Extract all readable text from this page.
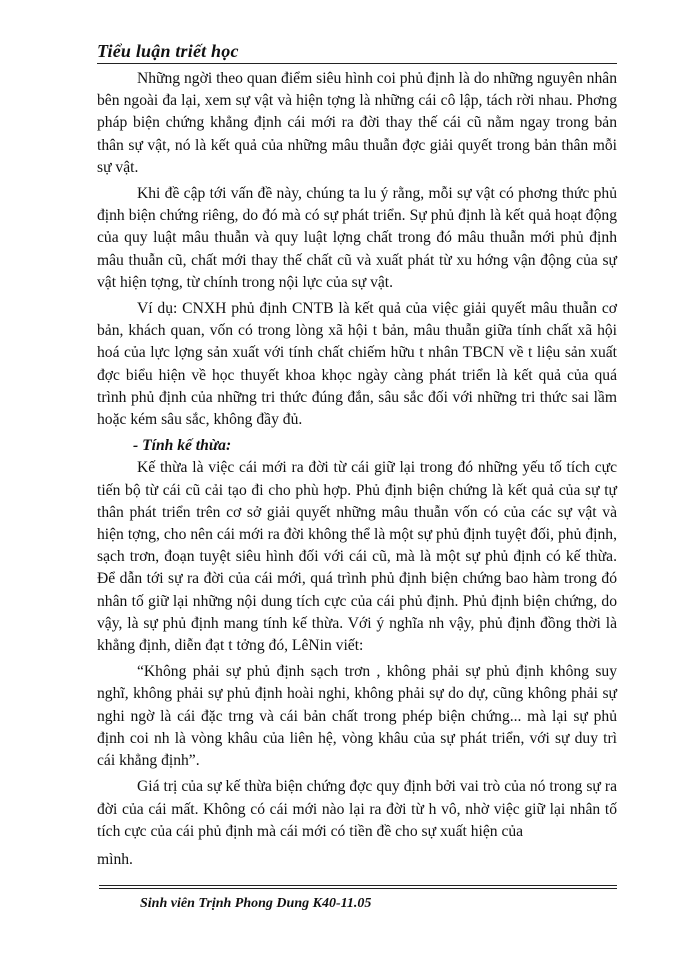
Tiểu luận triết học

Những ngời theo quan điểm siêu hình coi phủ định là do những nguyên nhân bên ngoài đa lại, xem sự vật và hiện tợng là những cái cô lập, tách rời nhau. Phơng pháp biện chứng khẳng định cái mới ra đời thay thế cái cũ nằm ngay trong bản thân sự vật, nó là kết quả của những mâu thuẫn đợc giải quyết trong bản thân mỗi sự vật.

Khi đề cập tới vấn đề này, chúng ta lu ý rằng, mỗi sự vật có phơng thức phủ định biện chứng riêng, do đó mà có sự phát triển. Sự phủ định là kết quả hoạt động của quy luật mâu thuẫn và quy luật lợng chất trong đó mâu thuẫn mới phủ định mâu thuẫn cũ, chất mới thay thế chất cũ và xuất phát từ xu hớng vận động của sự vật hiện tợng, từ chính trong nội lực của sự vật.

Ví dụ: CNXH phủ định CNTB là kết quả của việc giải quyết mâu thuẫn cơ bản, khách quan, vốn có trong lòng xã hội t bản, mâu thuẫn giữa tính chất xã hội hoá của lực lợng sản xuất với tính chất chiếm hữu t nhân TBCN về t liệu sản xuất đợc biểu hiện về học thuyết khoa khọc ngày càng phát triển là kết quả của quá trình phủ định của những tri thức đúng đắn, sâu sắc đối với những tri thức sai lầm hoặc kém sâu sắc, không đầy đủ.

- Tính kế thừa:

Kế thừa là việc cái mới ra đời từ cái giữ lại trong đó những yếu tố tích cực tiến bộ từ cái cũ cải tạo đi cho phù hợp. Phủ định biện chứng là kết quả của sự tự thân phát triển trên cơ sở giải quyết những mâu thuẫn vốn có của các sự vật và hiện tợng, cho nên cái mới ra đời không thể là một sự phủ định tuyệt đối, phủ định, sạch trơn, đoạn tuyệt siêu hình đối với cái cũ, mà là một sự phủ định có kế thừa. Để dẫn tới sự ra đời của cái mới, quá trình phủ định biện chứng bao hàm trong đó nhân tố giữ lại những nội dung tích cực của cái phủ định. Phủ định biện chứng, do vậy, là sự phủ định mang tính kế thừa. Với ý nghĩa nh vậy, phủ định đồng thời là khẳng định, diễn đạt t tởng đó, LêNin viết:

“Không phải sự phủ định sạch trơn , không phải sự phủ định không suy nghĩ, không phải sự phủ định hoài nghi, không phải sự do dự, cũng không phải sự nghi ngờ là cái đặc trng và cái bản chất trong phép biện chứng... mà lại sự phủ định coi nh là vòng khâu của liên hệ, vòng khâu của sự phát triển, với sự duy trì cái khẳng định”.

Giá trị của sự kế thừa biện chứng đợc quy định bởi vai trò của nó trong sự ra đời của cái mất. Không có cái mới nào lại ra đời từ h vô, nhờ việc giữ lại nhân tố tích cực của cái phủ định mà cái mới có tiền đề cho sự xuất hiện của

mình.

Sinh viên Trịnh Phong Dung K40-11.05
